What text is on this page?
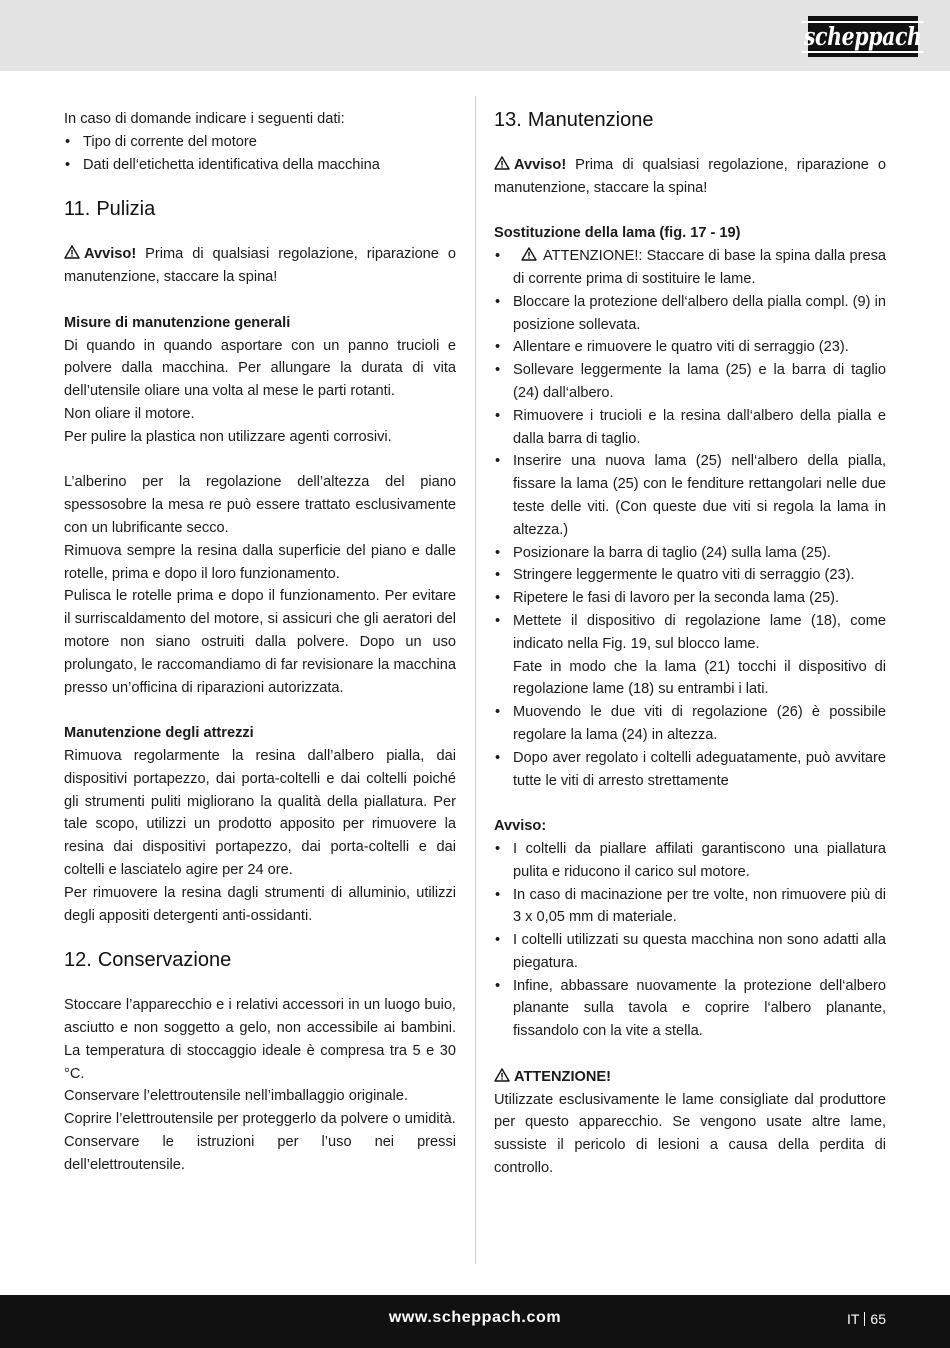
scheppach

In caso di domande indicare i seguenti dati:

• Tipo di corrente del motore
• Dati dell‘etichetta identificativa della macchina
11. Pulizia

Avviso! Prima di qualsiasi regolazione, riparazione o manutenzione, staccare la spina!

Misure di manutenzione generali

Di quando in quando asportare con un panno trucioli e polvere dalla macchina. Per allungare la durata di vita dell’utensile oliare una volta al mese le parti rotanti.

Non oliare il motore.

Per pulire la plastica non utilizzare agenti corrosivi.

L’alberino per la regolazione dell’altezza del piano spessosobre la mesa re può essere trattato esclusivamente con un lubrificante secco.

Rimuova sempre la resina dalla superficie del piano e dalle rotelle, prima e dopo il loro funzionamento.

Pulisca le rotelle prima e dopo il funzionamento. Per evitare il surriscaldamento del motore, si assicuri che gli aeratori del motore non siano ostruiti dalla polvere. Dopo un uso prolungato, le raccomandiamo di far revisionare la macchina presso un’officina di riparazioni autorizzata.

Manutenzione degli attrezzi

Rimuova regolarmente la resina dall’albero pialla, dai dispositivi portapezzo, dai porta-coltelli e dai coltelli poiché gli strumenti puliti migliorano la qualità della piallatura. Per tale scopo, utilizzi un prodotto apposito per rimuovere la resina dai dispositivi portapezzo, dai porta-coltelli e dai coltelli e lasciatelo agire per 24 ore.

Per rimuovere la resina dagli strumenti di alluminio, utilizzi degli appositi detergenti anti-ossidanti.

12. Conservazione

Stoccare l’apparecchio e i relativi accessori in un luogo buio, asciutto e non soggetto a gelo, non accessibile ai bambini. La temperatura di stoccaggio ideale è compresa tra 5 e 30 °C.

Conservare l’elettroutensile nell’imballaggio originale.

Coprire l’elettroutensile per proteggerlo da polvere o umidità.

Conservare le istruzioni per l’uso nei pressi dell’elettroutensile.

13. Manutenzione

Avviso! Prima di qualsiasi regolazione, riparazione o manutenzione, staccare la spina!

Sostituzione della lama (fig. 17 - 19)

• ATTENZIONE!: Staccare di base la spina dalla presa di corrente prima di sostituire le lame.
• Bloccare la protezione dell‘albero della pialla compl. (9) in posizione sollevata.
• Allentare e rimuovere le quatro viti di serraggio (23).
• Sollevare leggermente la lama (25) e la barra di taglio (24) dall‘albero.
• Rimuovere i trucioli e la resina dall‘albero della pialla e dalla barra di taglio.
• Inserire una nuova lama (25) nell‘albero della pialla, fissare la lama (25) con le fenditure rettangolari nelle due teste delle viti. (Con queste due viti si regola la lama in altezza.)
• Posizionare la barra di taglio (24) sulla lama (25).
• Stringere leggermente le quatro viti di serraggio (23).
• Ripetere le fasi di lavoro per la seconda lama (25).
• Mettete il dispositivo di regolazione lame (18), come indicato nella Fig. 19, sul blocco lame.
Fate in modo che la lama (21) tocchi il dispositivo di regolazione lame (18) su entrambi i lati.
• Muovendo le due viti di regolazione (26) è possibile regolare la lama (24) in altezza.
• Dopo aver regolato i coltelli adeguatamente, può avvitare tutte le viti di arresto strettamente

Avviso:

• I coltelli da piallare affilati garantiscono una piallatura pulita e riducono il carico sul motore.
• In caso di macinazione per tre volte, non rimuovere più di 3 x 0,05 mm di materiale.
• I coltelli utilizzati su questa macchina non sono adatti alla piegatura.
• Infine, abbassare nuovamente la protezione dell‘albero planante sulla tavola e coprire l‘albero planante, fissandolo con la vite a stella.

ATTENZIONE!

Utilizzate esclusivamente le lame consigliate dal produttore per questo apparecchio. Se vengono usate altre lame, sussiste il pericolo di lesioni a causa della perdita di controllo.

www.scheppach.com	IT 65
